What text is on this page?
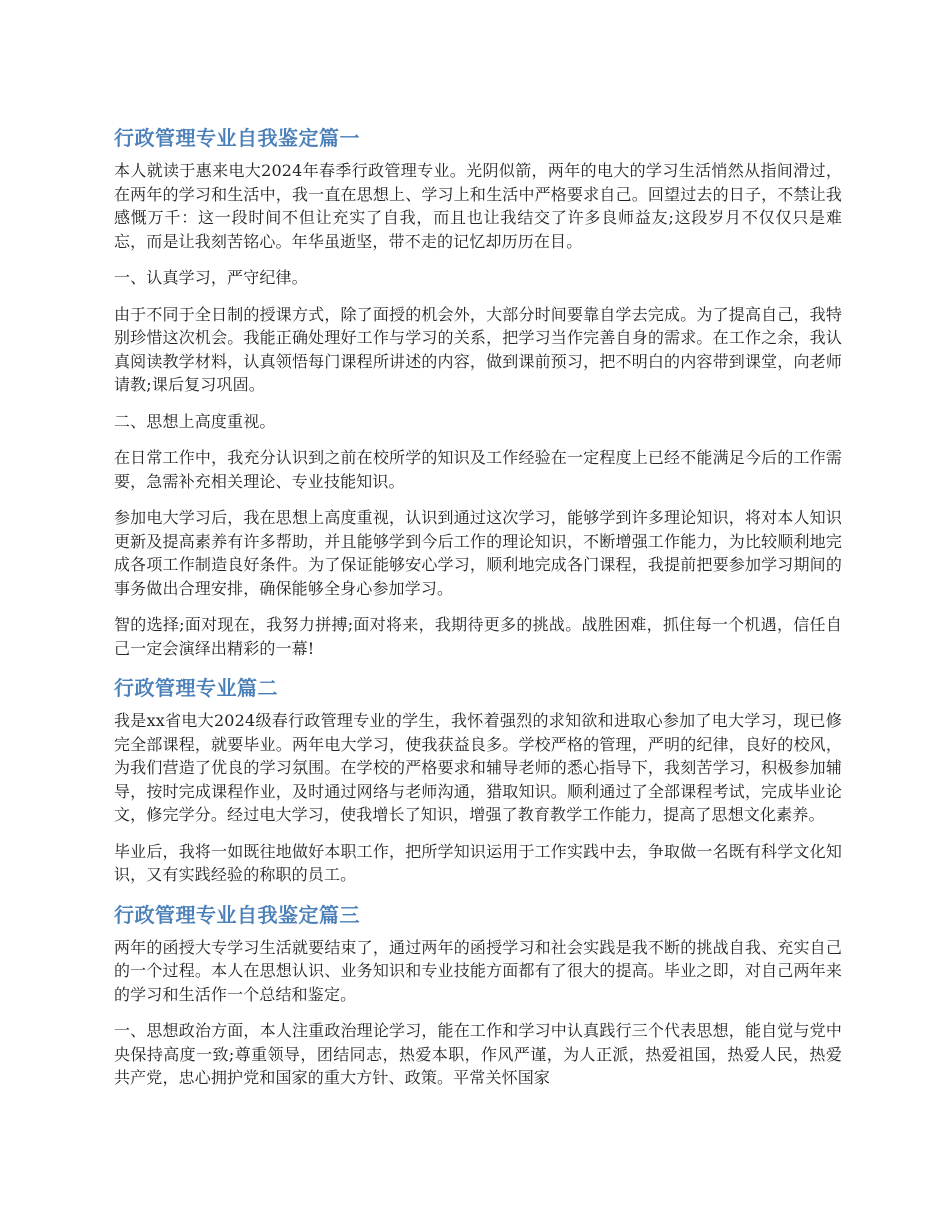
行政管理专业自我鉴定篇一

本人就读于惠来电大2024年春季行政管理专业。光阴似箭，两年的电大的学习生活悄然从指间滑过，在两年的学习和生活中，我一直在思想上、学习上和生活中严格要求自己。回望过去的日子，不禁让我感慨万千：这一段时间不但让充实了自我，而且也让我结交了许多良师益友;这段岁月不仅仅只是难忘，而是让我刻苦铭心。年华虽逝坚，带不走的记忆却历历在目。

一、认真学习，严守纪律。

由于不同于全日制的授课方式，除了面授的机会外，大部分时间要靠自学去完成。为了提高自己，我特别珍惜这次机会。我能正确处理好工作与学习的关系，把学习当作完善自身的需求。在工作之余，我认真阅读教学材料，认真领悟每门课程所讲述的内容，做到课前预习，把不明白的内容带到课堂，向老师请教;课后复习巩固。

二、思想上高度重视。

在日常工作中，我充分认识到之前在校所学的知识及工作经验在一定程度上已经不能满足今后的工作需要，急需补充相关理论、专业技能知识。

参加电大学习后，我在思想上高度重视，认识到通过这次学习，能够学到许多理论知识，将对本人知识更新及提高素养有许多帮助，并且能够学到今后工作的理论知识，不断增强工作能力，为比较顺利地完成各项工作制造良好条件。为了保证能够安心学习，顺利地完成各门课程，我提前把要参加学习期间的事务做出合理安排，确保能够全身心参加学习。

智的选择;面对现在，我努力拼搏;面对将来，我期待更多的挑战。战胜困难，抓住每一个机遇，信任自己一定会演绎出精彩的一幕!

行政管理专业篇二

我是xx省电大2024级春行政管理专业的学生，我怀着强烈的求知欲和进取心参加了电大学习，现已修完全部课程，就要毕业。两年电大学习，使我获益良多。学校严格的管理，严明的纪律，良好的校风，为我们营造了优良的学习氛围。在学校的严格要求和辅导老师的悉心指导下，我刻苦学习，积极参加辅导，按时完成课程作业，及时通过网络与老师沟通，猎取知识。顺利通过了全部课程考试，完成毕业论文，修完学分。经过电大学习，使我增长了知识，增强了教育教学工作能力，提高了思想文化素养。

毕业后，我将一如既往地做好本职工作，把所学知识运用于工作实践中去，争取做一名既有科学文化知识，又有实践经验的称职的员工。

行政管理专业自我鉴定篇三

两年的函授大专学习生活就要结束了，通过两年的函授学习和社会实践是我不断的挑战自我、充实自己的一个过程。本人在思想认识、业务知识和专业技能方面都有了很大的提高。毕业之即，对自己两年来的学习和生活作一个总结和鉴定。

一、思想政治方面，本人注重政治理论学习，能在工作和学习中认真践行三个代表思想，能自觉与党中央保持高度一致;尊重领导，团结同志，热爱本职，作风严谨，为人正派，热爱祖国，热爱人民，热爱共产党，忠心拥护党和国家的重大方针、政策。平常关怀国家
